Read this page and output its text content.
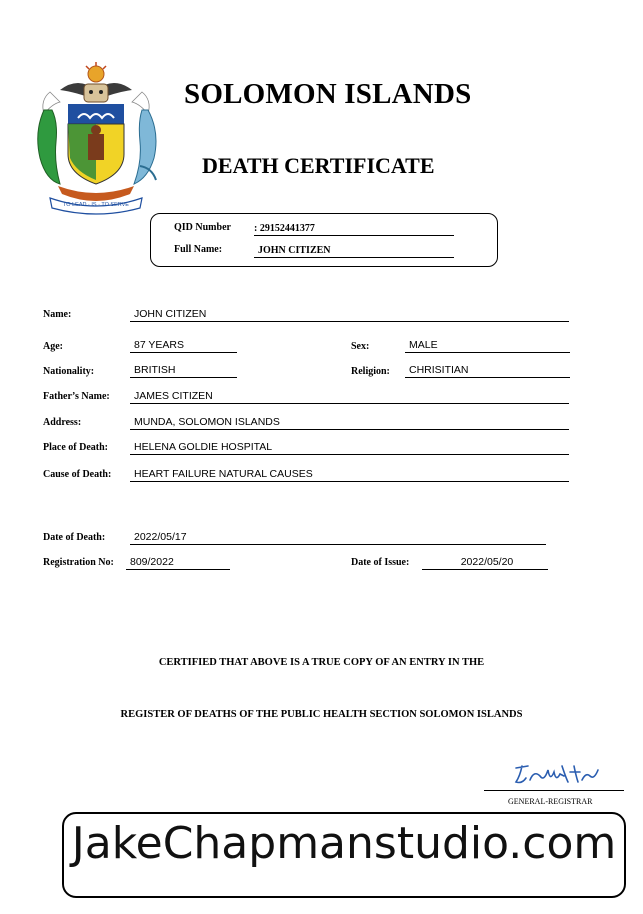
TO LEAD · IS · TO SERVE
SOLOMON ISLANDS
DEATH CERTIFICATE
QID Number : 29152441377
Full Name:	JOHN CITIZEN
Name:	JOHN CITIZEN
Age:	87 YEARS	Sex:	MALE
Nationality:	BRITISH	Religion:	CHRISITIAN
Father’s Name:	JAMES CITIZEN
Address:	MUNDA, SOLOMON ISLANDS
Place of Death:	HELENA GOLDIE HOSPITAL
Cause of Death:	HEART FAILURE NATURAL CAUSES
Date of Death:	2022/05/17
Registration No:	809/2022	Date of Issue:	2022/05/20
CERTIFIED THAT ABOVE IS A TRUE COPY OF AN ENTRY IN THE
REGISTER OF DEATHS OF THE PUBLIC HEALTH SECTION SOLOMON ISLANDS
GENERAL-REGISTRAR
JakeChapmanstudio.com
